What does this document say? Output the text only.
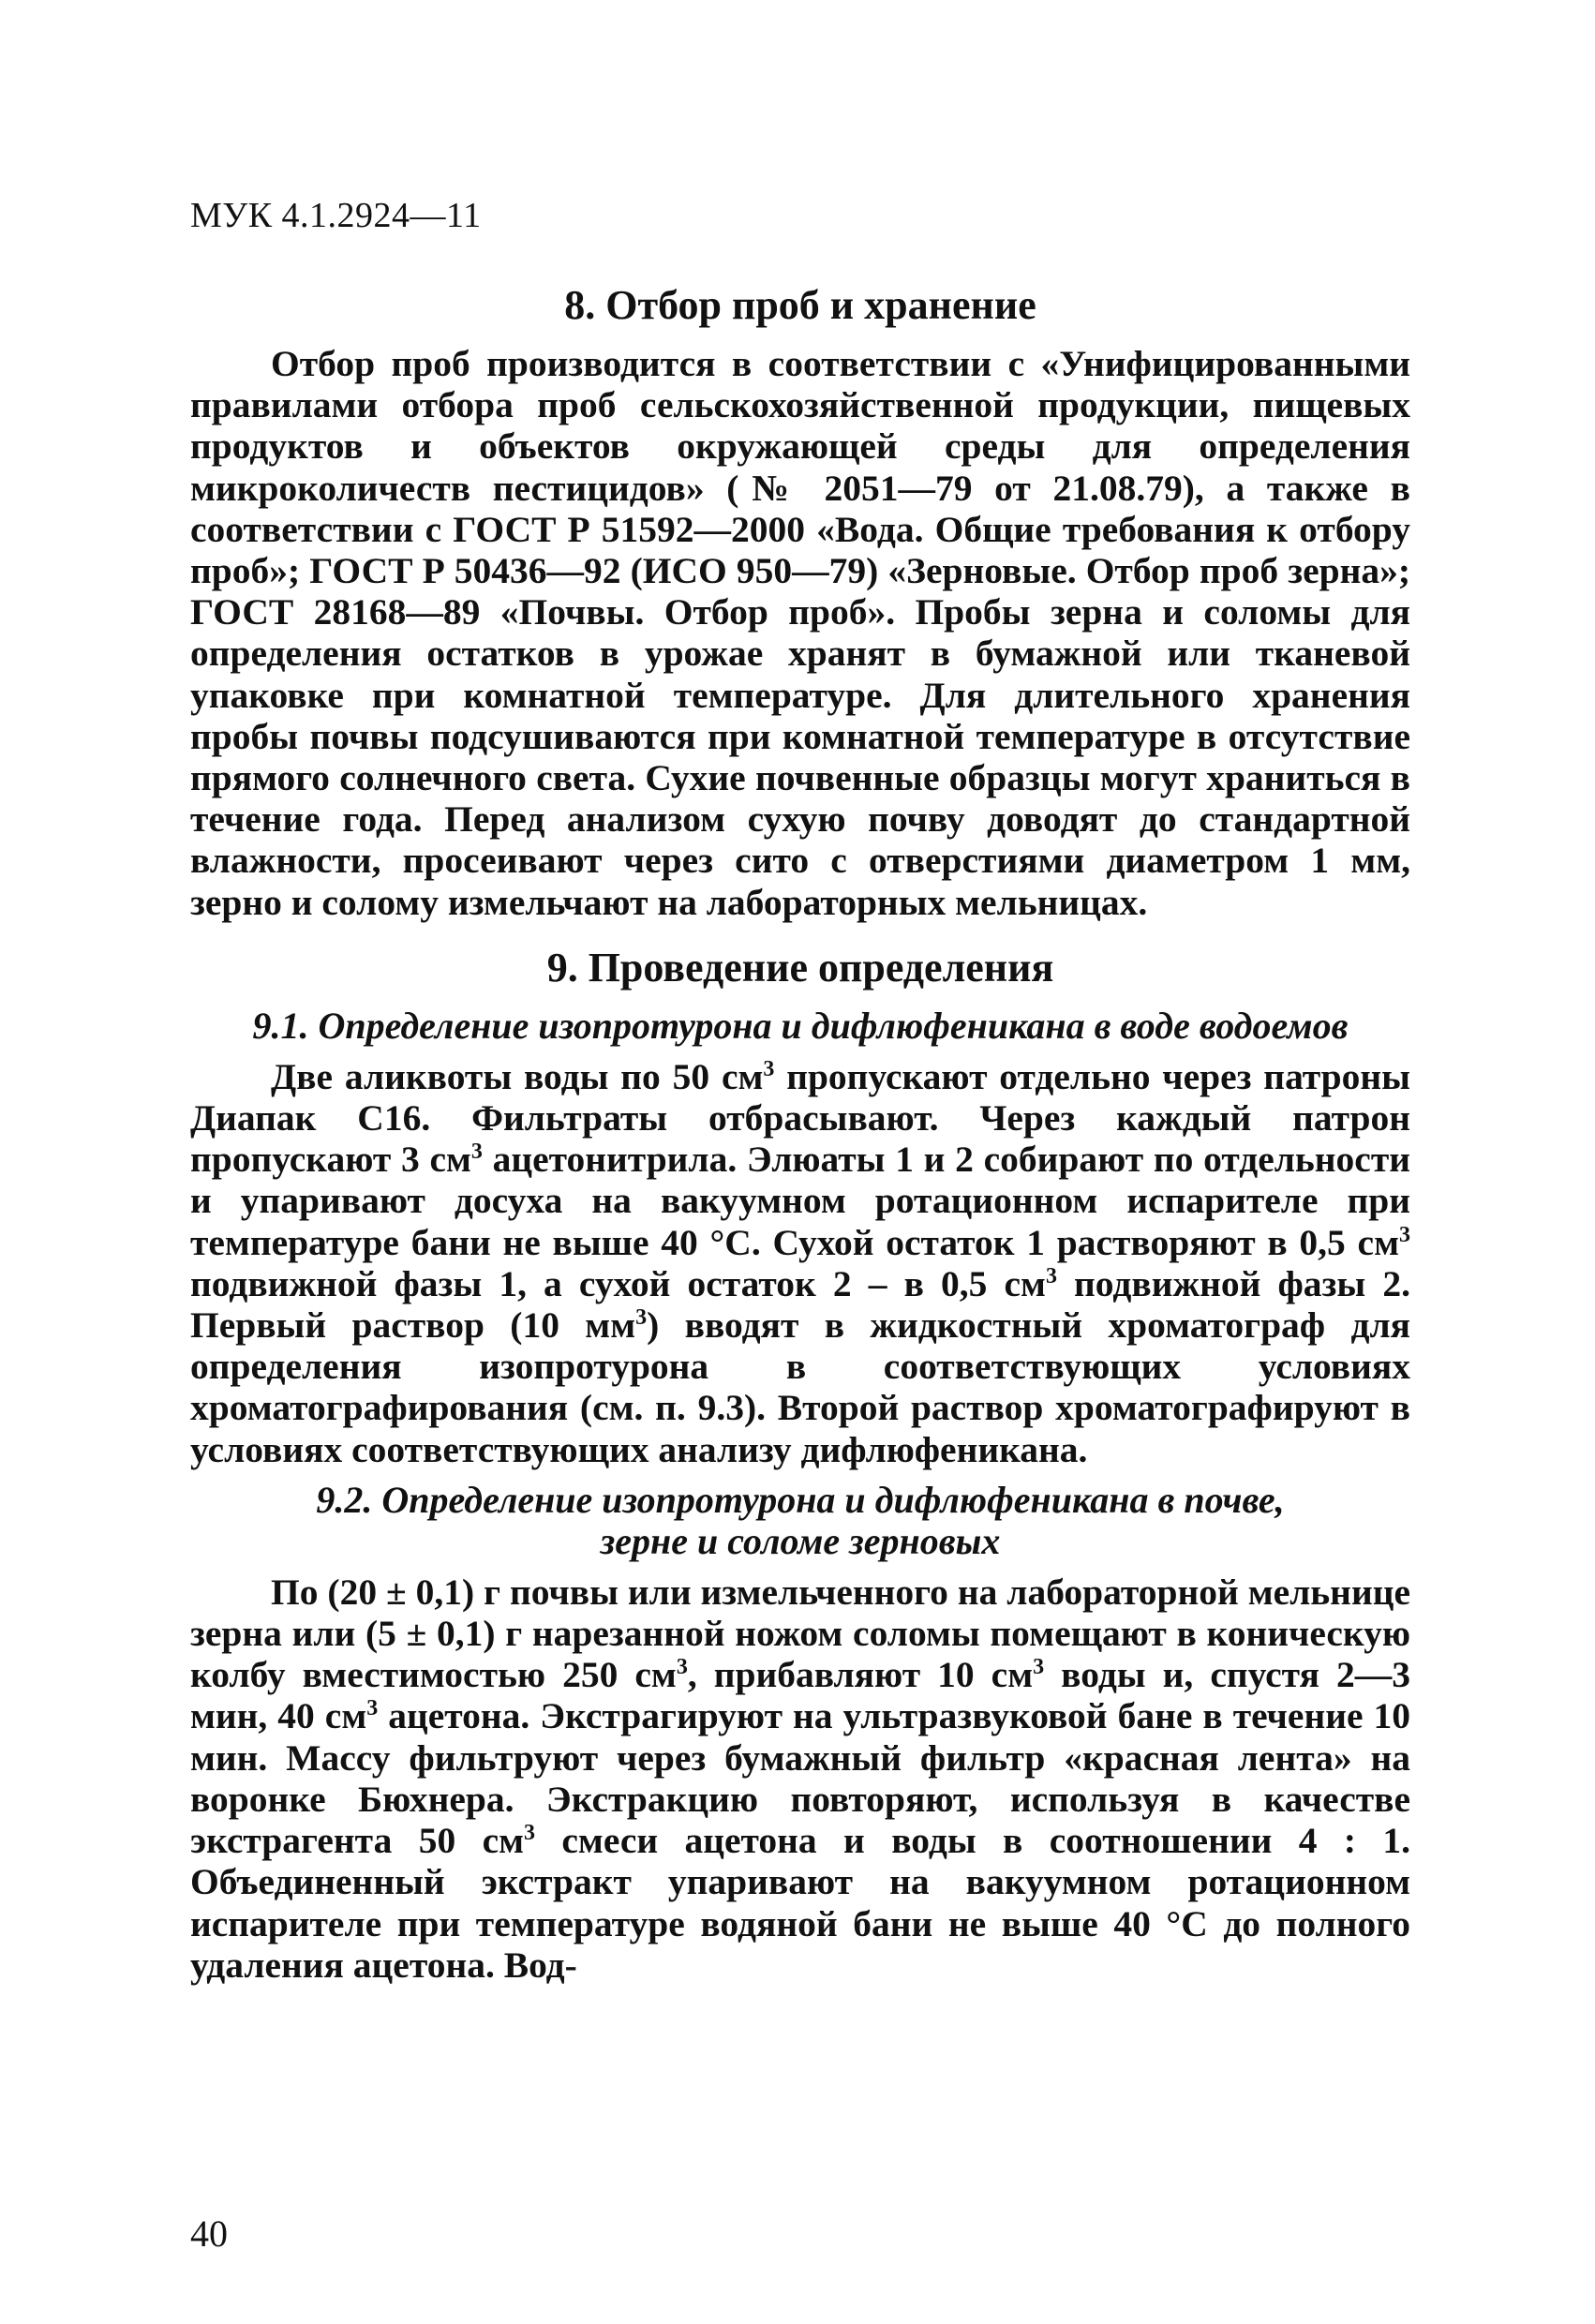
МУК 4.1.2924—11
8. Отбор проб и хранение

Отбор проб производится в соответствии с «Унифицированными правилами отбора проб сельскохозяйственной продукции, пищевых продуктов и объектов окружающей среды для определения микроколичеств пестицидов» (№ 2051—79 от 21.08.79), а также в соответствии с ГОСТ Р 51592—2000 «Вода. Общие требования к отбору проб»; ГОСТ Р 50436—92 (ИСО 950—79) «Зерновые. Отбор проб зерна»; ГОСТ 28168—89 «Почвы. Отбор проб». Пробы зерна и соломы для определения остатков в урожае хранят в бумажной или тканевой упаковке при комнатной температуре. Для длительного хранения пробы почвы подсушиваются при комнатной температуре в отсутствие прямого солнечного света. Сухие почвенные образцы могут храниться в течение года. Перед анализом сухую почву доводят до стандартной влажности, просеивают через сито с отверстиями диаметром 1 мм, зерно и солому измельчают на лабораторных мельницах.

9. Проведение определения
9.1. Определение изопротурона и дифлюфеникана в воде водоемов

Две аликвоты воды по 50 $см^3$ пропускают отдельно через патроны Диапак С16. Фильтраты отбрасывают. Через каждый патрон пропускают 3 $см^3$ ацетонитрила. Элюаты 1 и 2 собирают по отдельности и упаривают досуха на вакуумном ротационном испарителе при температуре бани не выше 40 °С. Сухой остаток 1 растворяют в 0,5 $см^3$ подвижной фазы 1, а сухой остаток 2 – в 0,5 $см^3$ подвижной фазы 2. Первый раствор (10 $мм^3$) вводят в жидкостный хроматограф для определения изопротурона в соответствующих условиях хроматографирования (см. п. 9.3). Второй раствор хроматографируют в условиях соответствующих анализу дифлюфеникана.

9.2. Определение изопротурона и дифлюфеникана в почве,
зерне и соломе зерновых

По (20 ± 0,1) г почвы или измельченного на лабораторной мельнице зерна или (5 ± 0,1) г нарезанной ножом соломы помещают в коническую колбу вместимостью 250 $см^3$, прибавляют 10 $см^3$ воды и, спустя 2—3 мин, 40 $см^3$ ацетона. Экстрагируют на ультразвуковой бане в течение 10 мин. Массу фильтруют через бумажный фильтр «красная лента» на воронке Бюхнера. Экстракцию повторяют, используя в качестве экстрагента 50 $см^3$ смеси ацетона и воды в соотношении 4 : 1. Объединенный экстракт упаривают на вакуумном ротационном испарителе при температуре водяной бани не выше 40 °С до полного удаления ацетона. Вод-

40
